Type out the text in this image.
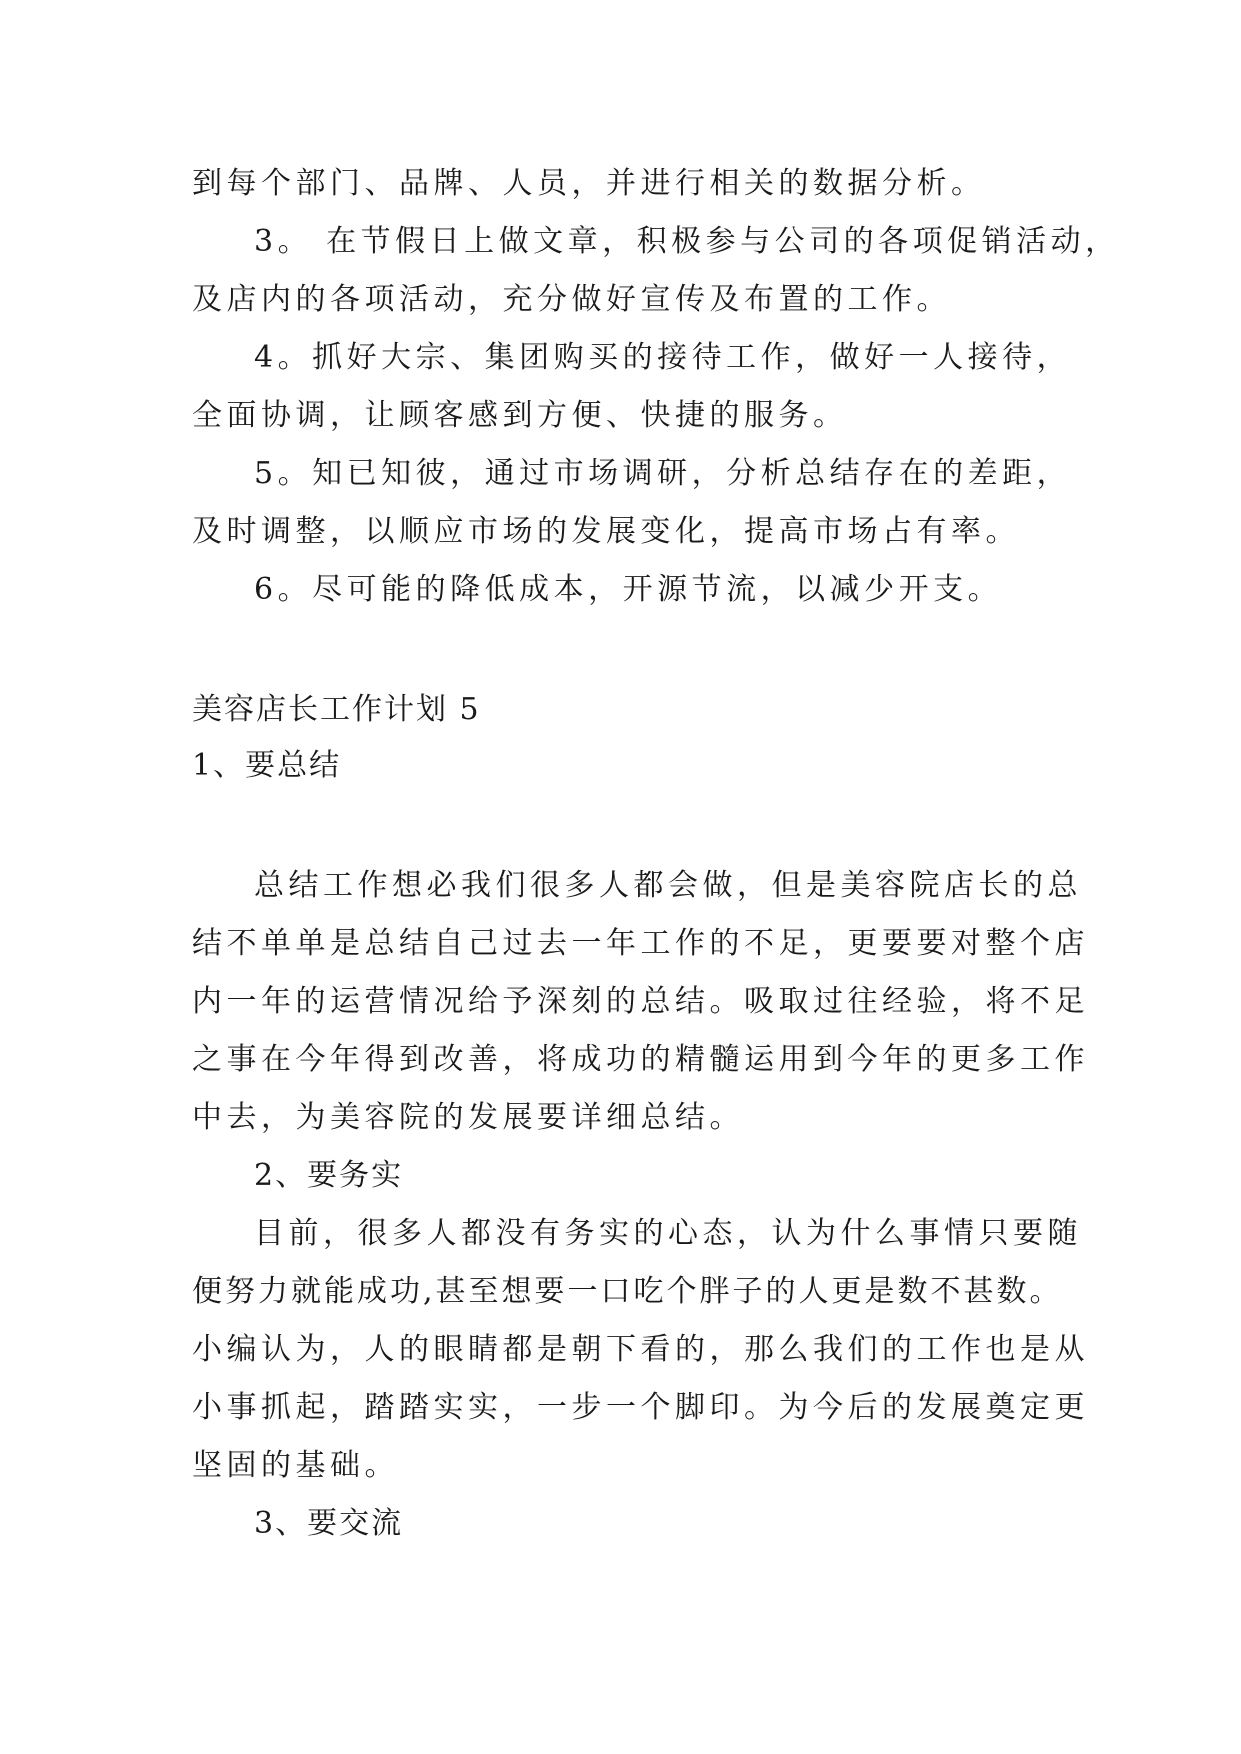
到每个部门、品牌、人员，并进行相关的数据分析。
3。 在节假日上做文章，积极参与公司的各项促销活动，
及店内的各项活动，充分做好宣传及布置的工作。
4。抓好大宗、集团购买的接待工作，做好一人接待，
全面协调，让顾客感到方便、快捷的服务。
5。知已知彼，通过市场调研，分析总结存在的差距，
及时调整，以顺应市场的发展变化，提高市场占有率。
6。尽可能的降低成本，开源节流，以减少开支。
美容店长工作计划 5
1、要总结
总结工作想必我们很多人都会做，但是美容院店长的总
结不单单是总结自己过去一年工作的不足，更要要对整个店
内一年的运营情况给予深刻的总结。吸取过往经验，将不足
之事在今年得到改善，将成功的精髓运用到今年的更多工作
中去，为美容院的发展要详细总结。
2、要务实
目前，很多人都没有务实的心态，认为什么事情只要随
便努力就能成功,甚至想要一口吃个胖子的人更是数不甚数。
小编认为，人的眼睛都是朝下看的，那么我们的工作也是从
小事抓起，踏踏实实，一步一个脚印。为今后的发展奠定更
坚固的基础。
3、要交流
